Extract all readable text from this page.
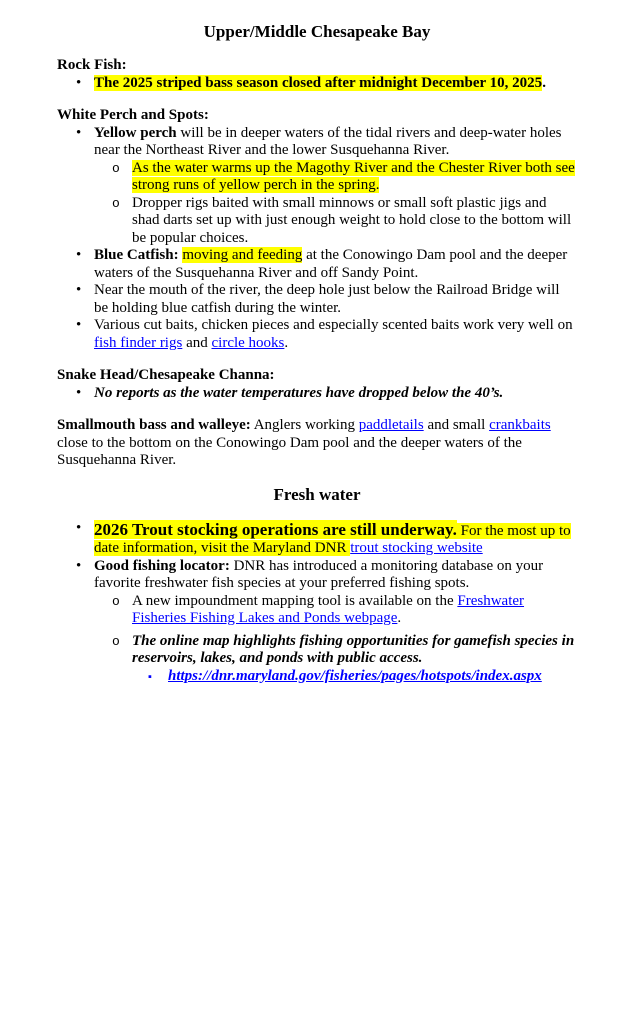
Upper/Middle Chesapeake Bay
Rock Fish:
• The 2025 striped bass season closed after midnight December 10, 2025.
White Perch and Spots:
• Yellow perch will be in deeper waters of the tidal rivers and deep-water holes near the Northeast River and the lower Susquehanna River.
o As the water warms up the Magothy River and the Chester River both see strong runs of yellow perch in the spring.
o Dropper rigs baited with small minnows or small soft plastic jigs and shad darts set up with just enough weight to hold close to the bottom will be popular choices.
• Blue Catfish: moving and feeding at the Conowingo Dam pool and the deeper waters of the Susquehanna River and off Sandy Point.
• Near the mouth of the river, the deep hole just below the Railroad Bridge will be holding blue catfish during the winter.
• Various cut baits, chicken pieces and especially scented baits work very well on fish finder rigs and circle hooks.
Snake Head/Chesapeake Channa:
• No reports as the water temperatures have dropped below the 40’s.
Smallmouth bass and walleye: Anglers working paddletails and small crankbaits close to the bottom on the Conowingo Dam pool and the deeper waters of the Susquehanna River.
Fresh water
• 2026 Trout stocking operations are still underway. For the most up to date information, visit the Maryland DNR trout stocking website
• Good fishing locator: DNR has introduced a monitoring database on your favorite freshwater fish species at your preferred fishing spots.
o A new impoundment mapping tool is available on the Freshwater Fisheries Fishing Lakes and Ponds webpage.
o The online map highlights fishing opportunities for gamefish species in reservoirs, lakes, and ponds with public access.
▪ https://dnr.maryland.gov/fisheries/pages/hotspots/index.aspx
